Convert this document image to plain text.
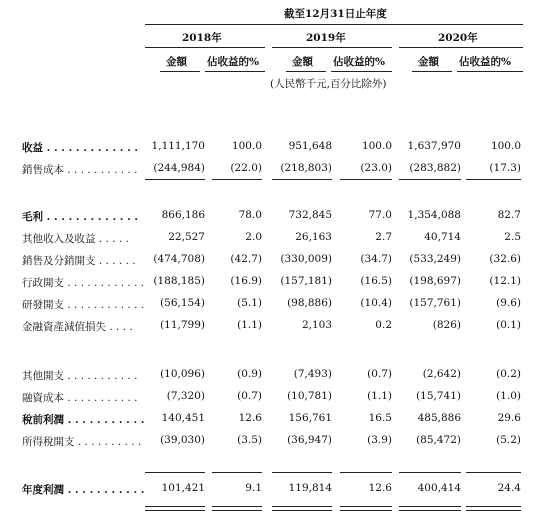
截至12月31日止年度
2018年	2019年	2020年
金額 佔收益的%	金額 佔收益的%	金額 佔收益的%
(人民幣千元,百分比除外)
收益 . . . . . . . . . . . . . 1,111,170	100.0	951,648	100.0 1,637,970	100.0
銷售成本 . . . . . . . . . . . (244,984) (22.0) (218,803)	(23.0) (283,882)	(17.3)
毛利 . . . . . . . . . . . . . 866,186	78.0	732,845	77.0 1,354,088	82.7
其他收入及收益 . . . . .	22,527	2.0	26,163	2.7	40,714	2.5
銷售及分銷開支 . . . . . . (474,708) (42.7) (330,009)	(34.7) (533,249)	(32.6)
行政開支 . . . . . . . . . . . . (188,185) (16.9) (157,181)	(16.5) (198,697)	(12.1)
研發開支 . . . . . . . . . . . . (56,154)	(5.1) (98,886)	(10.4) (157,761)	(9.6)
金融資產減值損失 . . . .	(11,799)	(1.1)	2,103	0.2	(826)	(0.1)
其他開支 . . . . . . . . . . . (10,096)	(0.9)	(7,493)	(0.7)	(2,642)	(0.2)
融資成本 . . . . . . . . . . .	(7,320)	(0.7) (10,781)	(1.1) (15,741)	(1.0)
稅前利潤 . . . . . . . . . . . 140,451	12.6	156,761	16.5 485,886	29.6
所得稅開支 . . . . . . . . . . (39,030)	(3.5) (36,947)	(3.9) (85,472)	(5.2)
年度利潤 . . . . . . . . . . . 101,421	9.1	119,814	12.6 400,414	24.4
